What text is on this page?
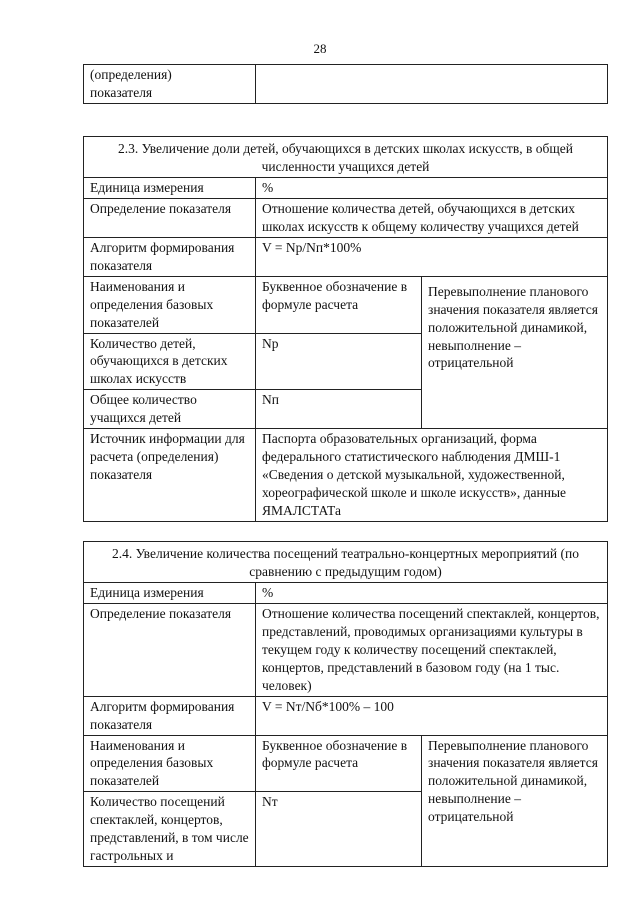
28
(определения)
показателя	
2.3. Увеличение доли детей, обучающихся в детских школах искусств, в общей численности учащихся детей		
Единица измерения	%	
Определение показателя	Отношение количества детей, обучающихся в детских школах искусств к общему количеству учащихся детей	
Алгоритм формирования показателя	V = Nр/Nп*100%	
Наименования и определения базовых показателей	Буквенное обозначение в формуле расчета	Перевыполнение планового значения показателя является положительной динамикой, невыполнение – отрицательной
Количество детей, обучающихся в детских школах искусств	Nр	
Общее количество учащихся детей	Nп	
Источник информации для расчета (определения) показателя	Паспорта образовательных организаций, форма федерального статистического наблюдения ДМШ-1 «Сведения о детской музыкальной, художественной, хореографической школе и школе искусств», данные ЯМАЛСТАТа	
2.4. Увеличение количества посещений театрально-концертных мероприятий (по сравнению с предыдущим годом)		
Единица измерения	%	
Определение показателя	Отношение количества посещений спектаклей, концертов, представлений, проводимых организациями культуры в текущем году к количеству посещений спектаклей, концертов, представлений в базовом году (на 1 тыс. человек)	
Алгоритм формирования показателя	V = Nт/Nб*100% – 100	
Наименования и определения базовых показателей	Буквенное обозначение в формуле расчета	Перевыполнение планового значения показателя является положительной динамикой, невыполнение – отрицательной
Количество посещений спектаклей, концертов, представлений, в том числе гастрольных и	Nт	
